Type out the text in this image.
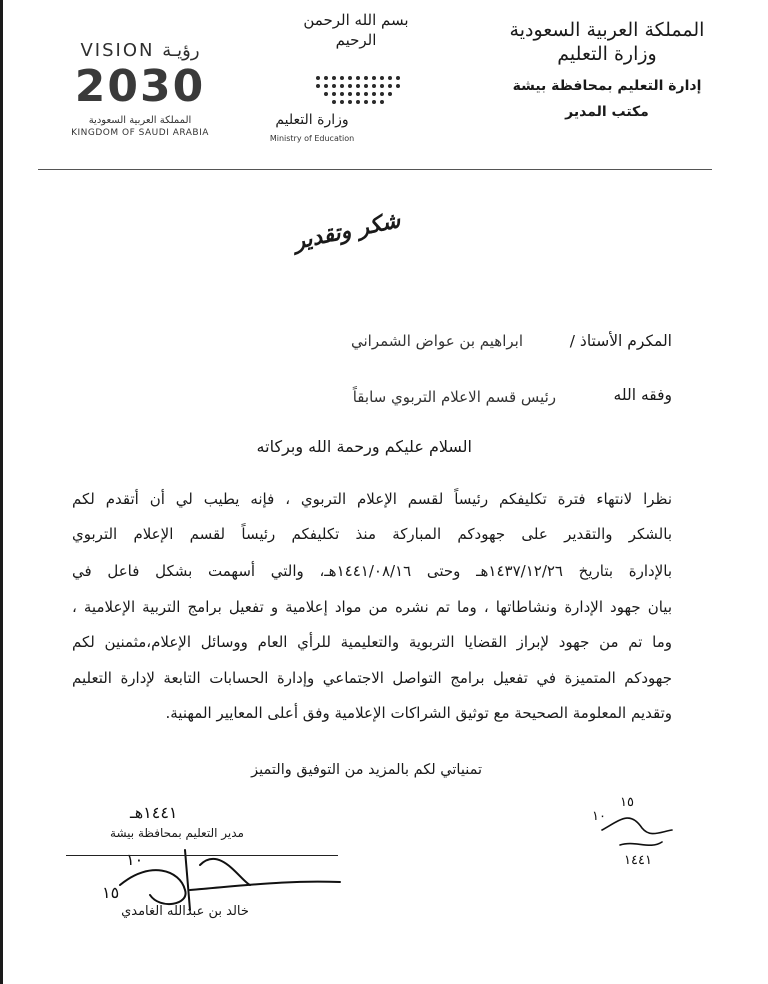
المملكة العربية السعودية
وزارة التعليم
إدارة التعليم بمحافظة بيشة
مكتب المدير
بسم الله الرحمن الرحيم
وزارة التعليم
Ministry of Education
VISION رؤيـة
2030
المملكة العربية السعودية
KINGDOM OF SAUDI ARABIA
شكر وتقدير
المكرم الأستاذ /
ابراهيم بن عواض الشمراني
رئيس قسم الاعلام التربوي سابقاً	وفقه الله
السلام عليكم ورحمة الله وبركاته
نظرا لانتهاء فترة تكليفكم رئيساً لقسم الإعلام التربوي ، فإنه يطيب لي أن أتقدم لكم
بالشكر والتقدير على جهودكم المباركة منذ تكليفكم رئيساً لقسم الإعلام التربوي
بالإدارة بتاريخ ١٤٣٧/١٢/٢٦هـ وحتى ١٤٤١/٠٨/١٦هـ، والتي أسهمت بشكل فاعل في
بيان جهود الإدارة ونشاطاتها ، وما تم نشره من مواد إعلامية و تفعيل برامج التربية الإعلامية ،
وما تم من جهود لإبراز القضايا التربوية والتعليمية للرأي العام ووسائل الإعلام،مثمنين لكم
جهودكم المتميزة في تفعيل برامج التواصل الاجتماعي وإدارة الحسابات التابعة لإدارة التعليم
وتقديم المعلومة الصحيحة مع توثيق الشراكات الإعلامية وفق أعلى المعايير المهنية.
تمنياتي لكم بالمزيد من التوفيق والتميز
١٤٤١هـ
١٠
١٥
مدير التعليم بمحافظة بيشة
خالد بن عبدالله الغامدي
١٥
١٠
١٤٤١
